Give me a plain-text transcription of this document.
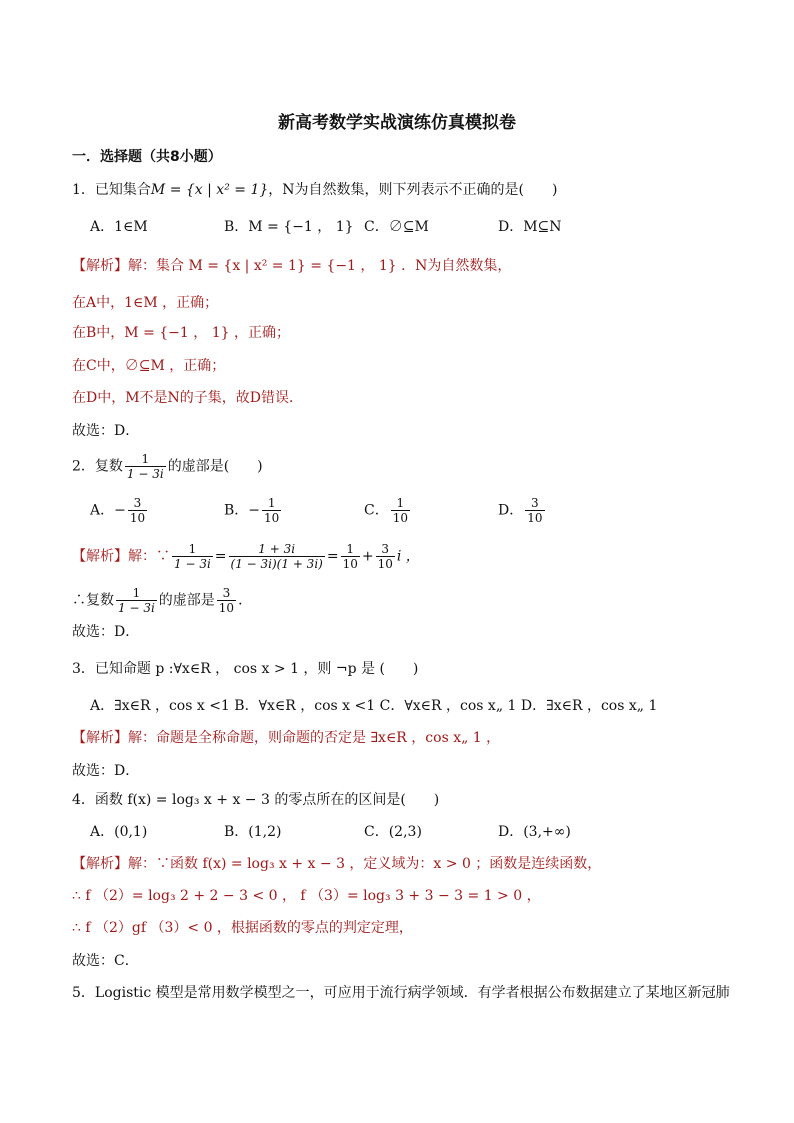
新高考数学实战演练仿真模拟卷
一．选择题（共8小题）
1．已知集合M = {x | x² = 1}，N为自然数集，则下列表示不正确的是(　　)
A．1∈M	B．M = {−1 ， 1} C．∅⊆M	D．M⊆N
【解析】解：集合 M = {x | x² = 1} = {−1 ， 1} ．N为自然数集，
在A中，1∈M ，正确；
在B中，M = {−1 ， 1} ，正确；
在C中，∅⊆M ，正确；
在D中，M不是N的子集，故D错误．
故选：D．
2．复数 $\frac{1}{1 - 3i}$ 的虚部是(　　)
A．− $\frac{3}{10}$	B．− $\frac{1}{10}$	C． $\frac{1}{10}$	D． $\frac{3}{10}$
【解析】解：∵ $\frac{1}{1 - 3i} = \frac{1 + 3i}{(1 - 3i)(1 + 3i)} = \frac{1}{10} + \frac{3}{10}$ i ，
∴复数 $\frac{1}{1 - 3i}$ 的虚部是 $\frac{3}{10}$ ．
故选：D．
3．已知命题 p :∀x∈R ， cos x > 1 ，则 ¬p 是 (　　)
A．∃x∈R ，cos x <1 B．∀x∈R ，cos x <1 C．∀x∈R ，cos x„ 1 D．∃x∈R ，cos x„ 1
【解析】解：命题是全称命题，则命题的否定是 ∃x∈R ，cos x„ 1 ，
故选：D．
4．函数 f(x) = log₃ x + x − 3 的零点所在的区间是(　　)
A．(0,1)	B．(1,2)	C．(2,3)	D．(3,+∞)
【解析】解：∵函数 f(x) = log₃ x + x − 3 ，定义域为：x > 0 ；函数是连续函数，
∴ f （2）= log₃ 2 + 2 − 3 < 0 ， f （3）= log₃ 3 + 3 − 3 = 1 > 0 ，
∴ f （2）gf （3）< 0 ，根据函数的零点的判定定理，
故选：C．
5．Logistic 模型是常用数学模型之一，可应用于流行病学领域．有学者根据公布数据建立了某地区新冠肺
